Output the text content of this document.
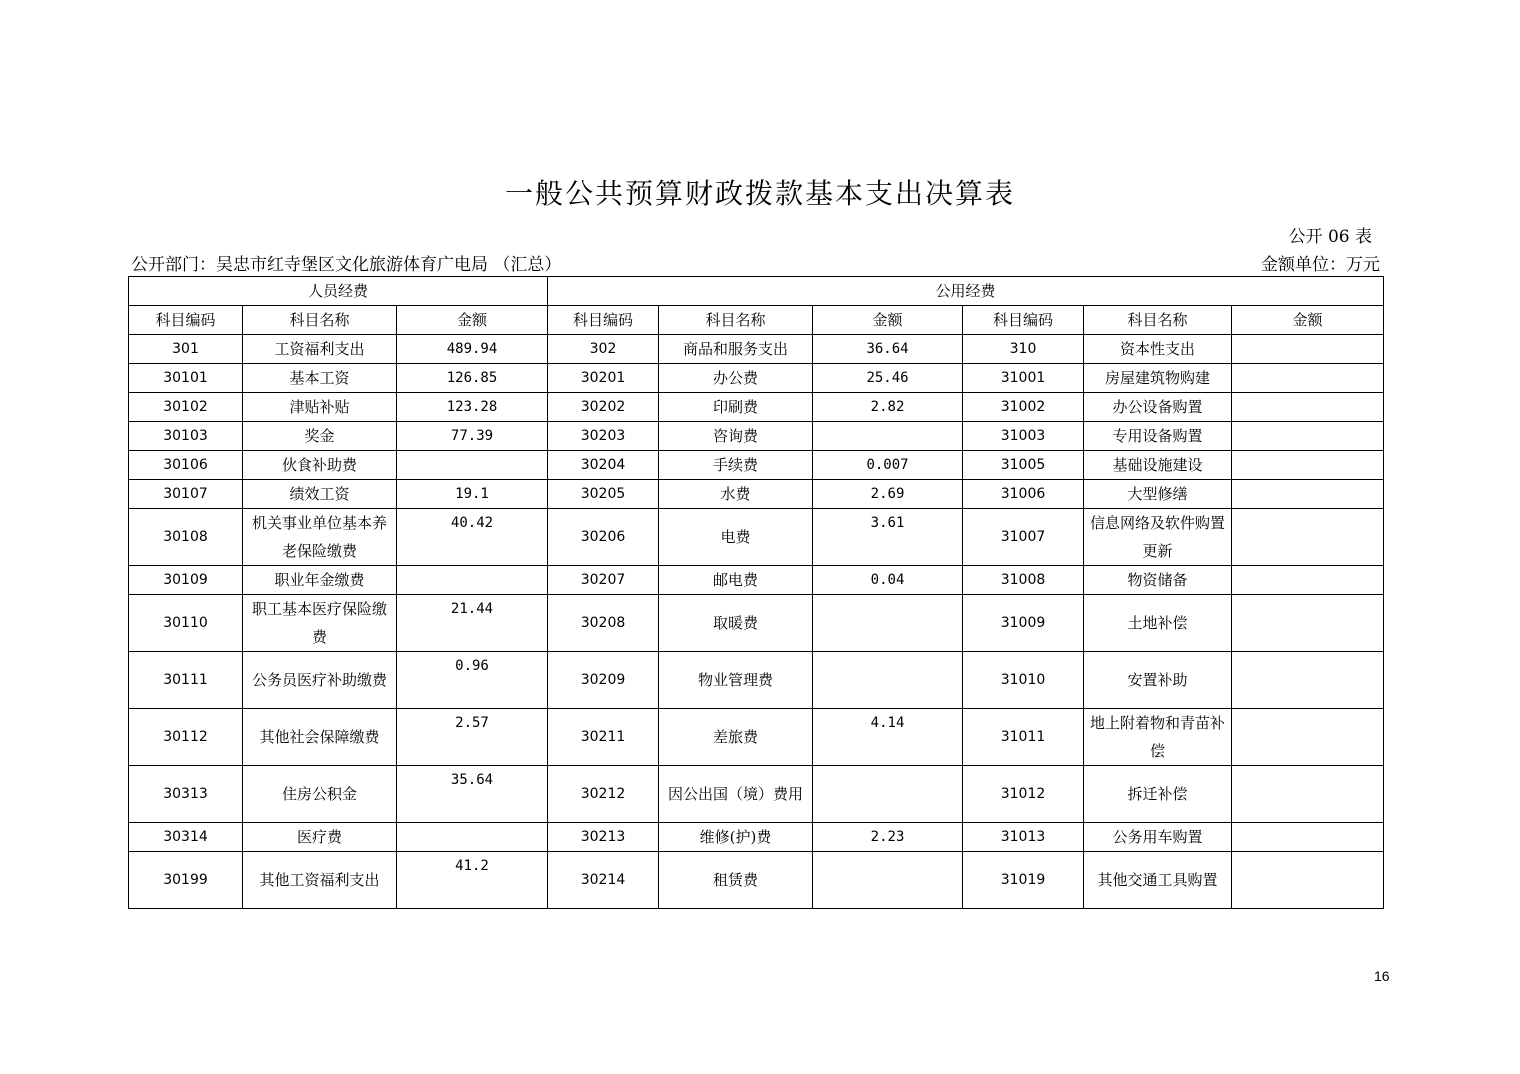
一般公共预算财政拨款基本支出决算表
公开 06 表
公开部门：吴忠市红寺堡区文化旅游体育广电局 （汇总）	金额单位：万元
人员经费			公用经费					
科目编码	科目名称	金额	科目编码	科目名称	金额	科目编码	科目名称	金额
301	工资福利支出	489.94	302	商品和服务支出	36.64	310	资本性支出	
30101	基本工资	126.85	30201	办公费	25.46	31001	房屋建筑物购建	
30102	津贴补贴	123.28	30202	印刷费	2.82	31002	办公设备购置	
30103	奖金	77.39	30203	咨询费		31003	专用设备购置	
30106	伙食补助费		30204	手续费	0.007	31005	基础设施建设	
30107	绩效工资	19.1	30205	水费	2.69	31006	大型修缮	
30108	机关事业单位基本养老保险缴费	40.42	30206	电费	3.61	31007	信息网络及软件购置更新	
30109	职业年金缴费		30207	邮电费	0.04	31008	物资储备	
30110	职工基本医疗保险缴费	21.44	30208	取暖费		31009	土地补偿	
30111	公务员医疗补助缴费	0.96	30209	物业管理费		31010	安置补助	
30112	其他社会保障缴费	2.57	30211	差旅费	4.14	31011	地上附着物和青苗补偿	
30313	住房公积金	35.64	30212	因公出国（境）费用		31012	拆迁补偿	
30314	医疗费		30213	维修(护)费	2.23	31013	公务用车购置	
30199	其他工资福利支出	41.2	30214	租赁费		31019	其他交通工具购置	
16
